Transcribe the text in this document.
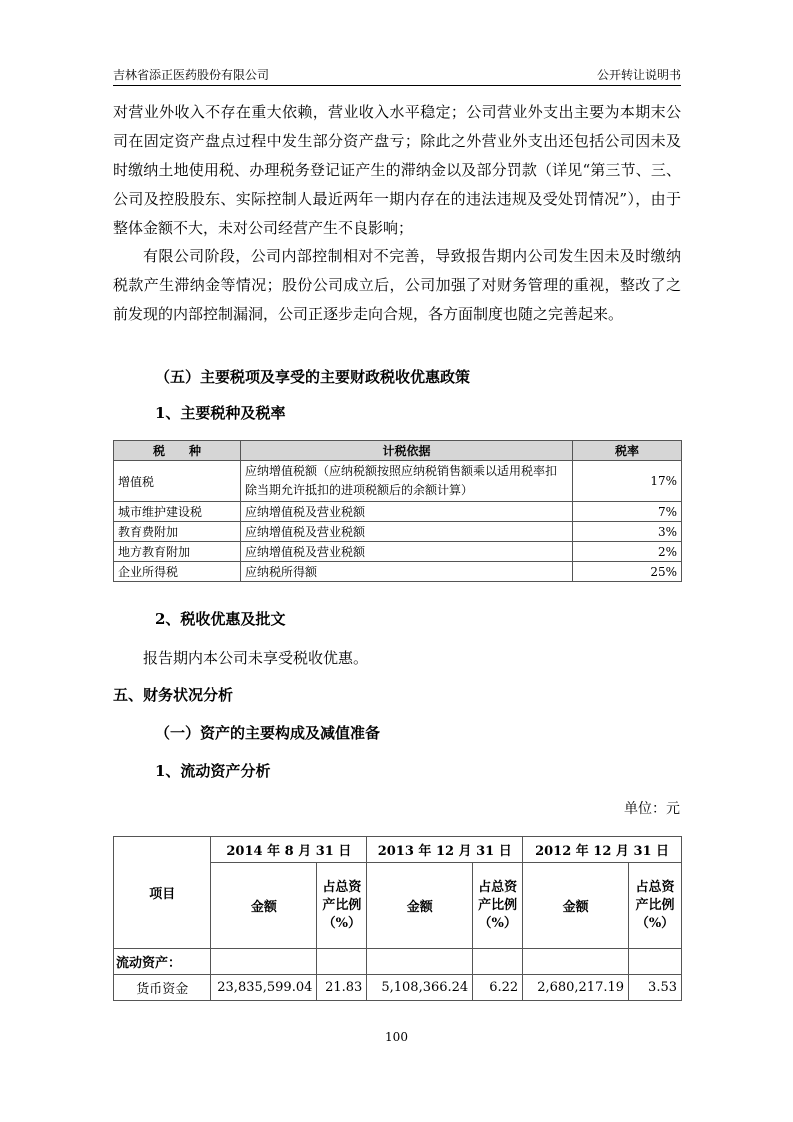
吉林省添正医药股份有限公司	公开转让说明书
对营业外收入不存在重大依赖，营业收入水平稳定；公司营业外支出主要为本期末公司在固定资产盘点过程中发生部分资产盘亏；除此之外营业外支出还包括公司因未及时缴纳土地使用税、办理税务登记证产生的滞纳金以及部分罚款（详见“第三节、三、公司及控股股东、实际控制人最近两年一期内存在的违法违规及受处罚情况”），由于整体金额不大，未对公司经营产生不良影响；
有限公司阶段，公司内部控制相对不完善，导致报告期内公司发生因未及时缴纳税款产生滞纳金等情况；股份公司成立后，公司加强了对财务管理的重视，整改了之前发现的内部控制漏洞，公司正逐步走向合规，各方面制度也随之完善起来。
（五）主要税项及享受的主要财政税收优惠政策
1、主要税种及税率
税　　种	计税依据	税率
增值税	应纳增值税额（应纳税额按照应纳税销售额乘以适用税率扣除当期允许抵扣的进项税额后的余额计算）	17%
城市维护建设税	应纳增值税及营业税额	7%
教育费附加	应纳增值税及营业税额	3%
地方教育附加	应纳增值税及营业税额	2%
企业所得税	应纳税所得额	25%
2、税收优惠及批文
报告期内本公司未享受税收优惠。
五、财务状况分析
（一）资产的主要构成及减值准备
1、流动资产分析
单位：元
项目	2014 年 8 月 31 日		2013 年 12 月 31 日		2012 年 12 月 31 日	
	金额	占总资产比例（%）	金额	占总资产比例（%）	金额	占总资产比例（%）
流动资产：						
货币资金	23,835,599.04	21.83	5,108,366.24	6.22	2,680,217.19	3.53
100
